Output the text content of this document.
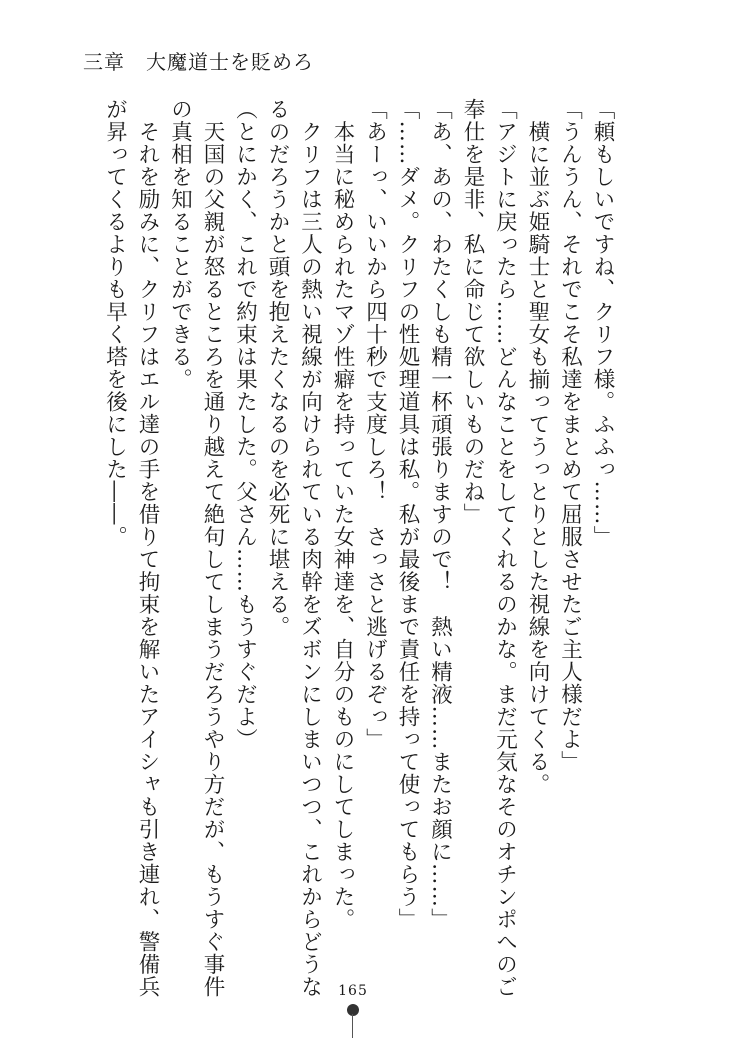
三章　大魔道士を貶めろ

「頼もしいですね、クリフ様。ふふっ……」

「うんうん、それでこそ私達をまとめて屈服させたご主人様だよ」

　横に並ぶ姫騎士と聖女も揃ってうっとりとした視線を向けてくる。

「アジトに戻ったら……どんなことをしてくれるのかな。まだ元気なそのオチンポへのご

奉仕を是非、私に命じて欲しいものだね」

「あ、あの、わたくしも精一杯頑張りますので！　熱い精液……またお顔に……」

「……ダメ。クリフの性処理道具は私。私が最後まで責任を持って使ってもらう」

「あーっ、いいから四十秒で支度しろ！　さっさと逃げるぞっ」

　本当に秘められたマゾ性癖を持っていた女神達を、自分のものにしてしまった。

　クリフは三人の熱い視線が向けられている肉幹をズボンにしまいつつ、これからどうな

るのだろうかと頭を抱えたくなるのを必死に堪える。

（とにかく、これで約束は果たした。父さん……もうすぐだよ）

　天国の父親が怒るところを通り越えて絶句してしまうだろうやり方だが、もうすぐ事件

の真相を知ることができる。

　それを励みに、クリフはエル達の手を借りて拘束を解いたアイシャも引き連れ、警備兵

が昇ってくるよりも早く塔を後にした――。

165
